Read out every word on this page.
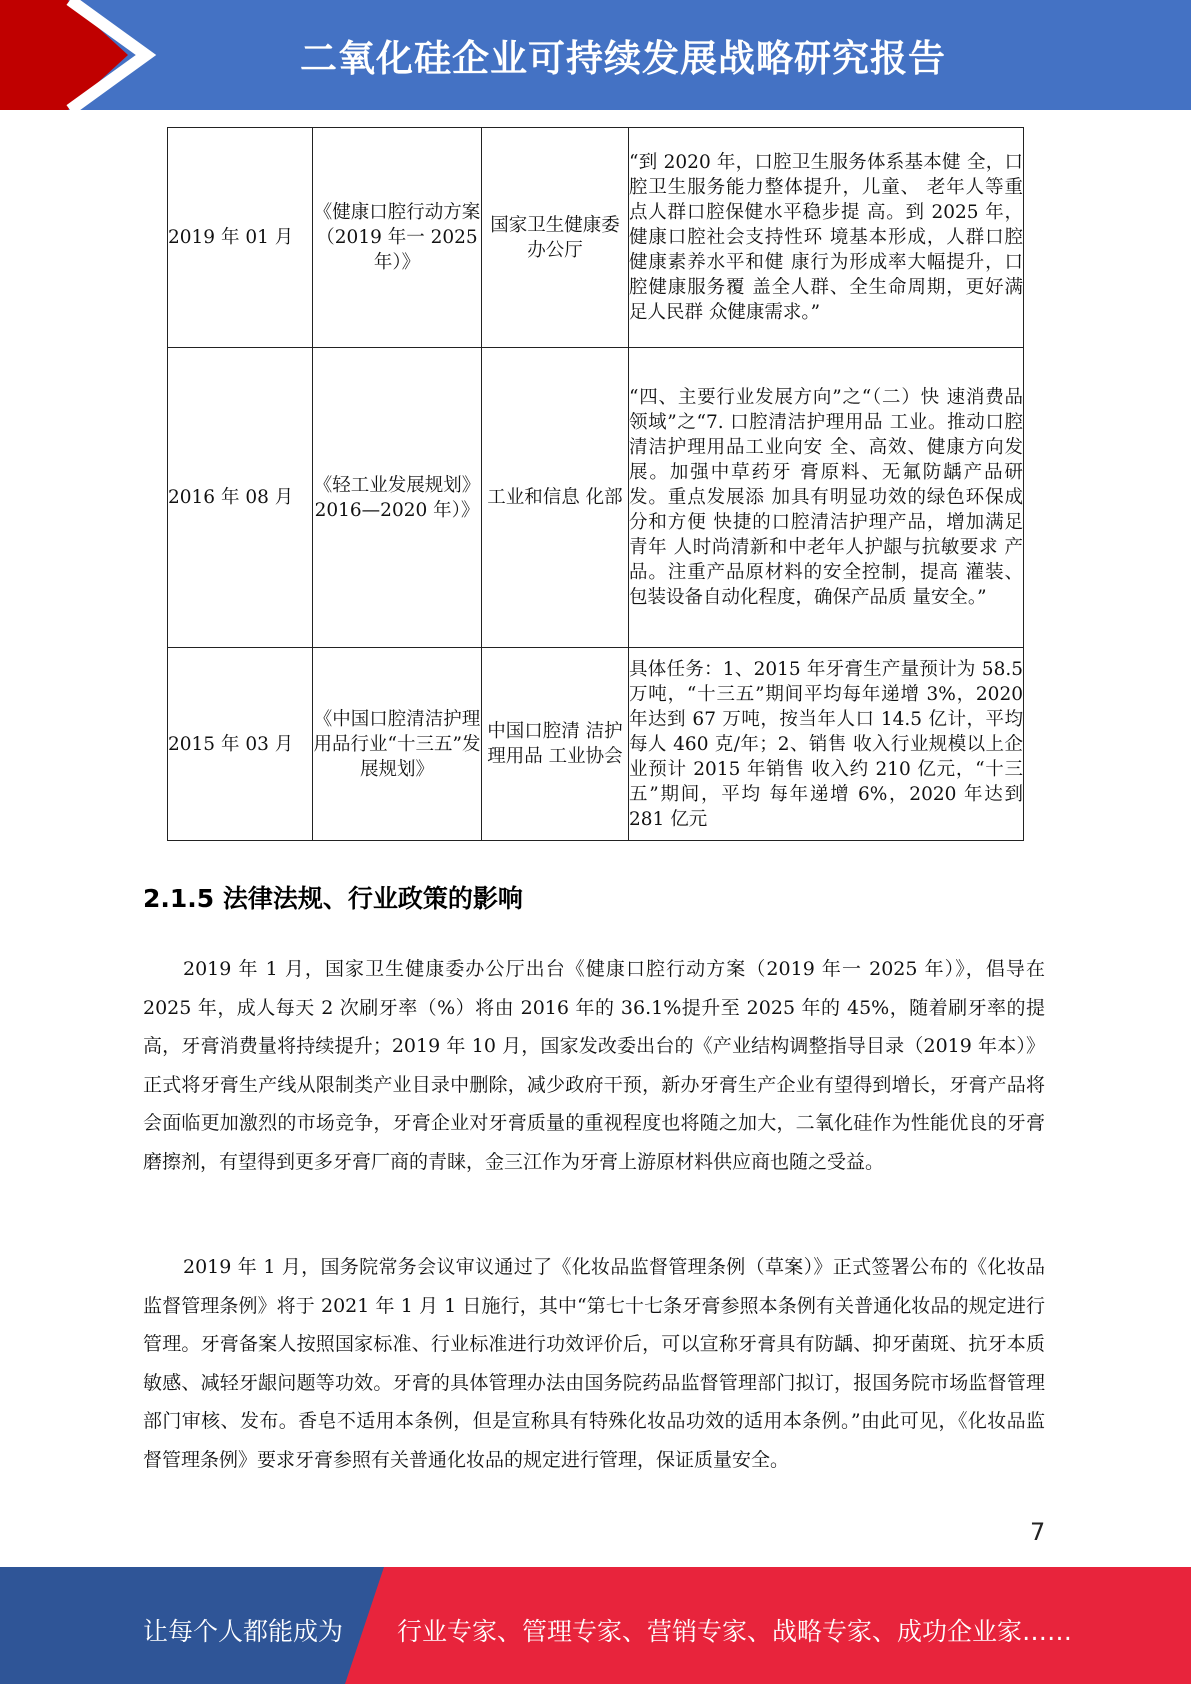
二氧化硅企业可持续发展战略研究报告
2019 年 01 月	《健康口腔行动方案（2019 年一 2025 年）》	国家卫生健康委办公厅	“到 2020 年，口腔卫生服务体系基本健 全，口腔卫生服务能力整体提升，儿童、 老年人等重点人群口腔保健水平稳步提 高。到 2025 年，健康口腔社会支持性环 境基本形成，人群口腔健康素养水平和健 康行为形成率大幅提升，口腔健康服务覆 盖全人群、全生命周期，更好满足人民群 众健康需求。”
2016 年 08 月	《轻工业发展规划》2016—2020 年）》	工业和信息 化部	“四、主要行业发展方向”之“（二）快 速消费品领域”之“7. 口腔清洁护理用品 工业。推动口腔清洁护理用品工业向安 全、高效、健康方向发展。加强中草药牙 膏原料、无氟防龋产品研发。重点发展添 加具有明显功效的绿色环保成分和方便 快捷的口腔清洁护理产品，增加满足青年 人时尚清新和中老年人护龈与抗敏要求 产品。注重产品原材料的安全控制，提高 灌装、包装设备自动化程度，确保产品质 量安全。”
2015 年 03 月	《中国口腔清洁护理用品行业“十三五”发展规划》	中国口腔清 洁护理用品 工业协会	具体任务：1、2015 年牙膏生产量预计为 58.5 万吨，“十三五”期间平均每年递增 3%，2020 年达到 67 万吨，按当年人口 14.5 亿计，平均每人 460 克/年；2、销售 收入行业规模以上企业预计 2015 年销售 收入约 210 亿元，“十三五”期间，平均 每年递增 6%，2020 年达到 281 亿元
2.1.5 法律法规、行业政策的影响

2019 年 1 月，国家卫生健康委办公厅出台《健康口腔行动方案（2019 年一 2025 年）》，倡导在 2025 年，成人每天 2 次刷牙率（%）将由 2016 年的 36.1%提升至 2025 年的 45%，随着刷牙率的提高，牙膏消费量将持续提升；2019 年 10 月，国家发改委出台的《产业结构调整指导目录（2019 年本）》正式将牙膏生产线从限制类产业目录中删除，减少政府干预，新办牙膏生产企业有望得到增长，牙膏产品将会面临更加激烈的市场竞争，牙膏企业对牙膏质量的重视程度也将随之加大，二氧化硅作为性能优良的牙膏磨擦剂，有望得到更多牙膏厂商的青睐，金三江作为牙膏上游原材料供应商也随之受益。

2019 年 1 月，国务院常务会议审议通过了《化妆品监督管理条例（草案）》正式签署公布的《化妆品监督管理条例》将于 2021 年 1 月 1 日施行，其中“第七十七条牙膏参照本条例有关普通化妆品的规定进行管理。牙膏备案人按照国家标准、行业标准进行功效评价后，可以宣称牙膏具有防龋、抑牙菌斑、抗牙本质敏感、减轻牙龈问题等功效。牙膏的具体管理办法由国务院药品监督管理部门拟订，报国务院市场监督管理部门审核、发布。香皂不适用本条例，但是宣称具有特殊化妆品功效的适用本条例。”由此可见，《化妆品监督管理条例》要求牙膏参照有关普通化妆品的规定进行管理，保证质量安全。

7
让每个人都能成为 行业专家、管理专家、营销专家、战略专家、成功企业家……
